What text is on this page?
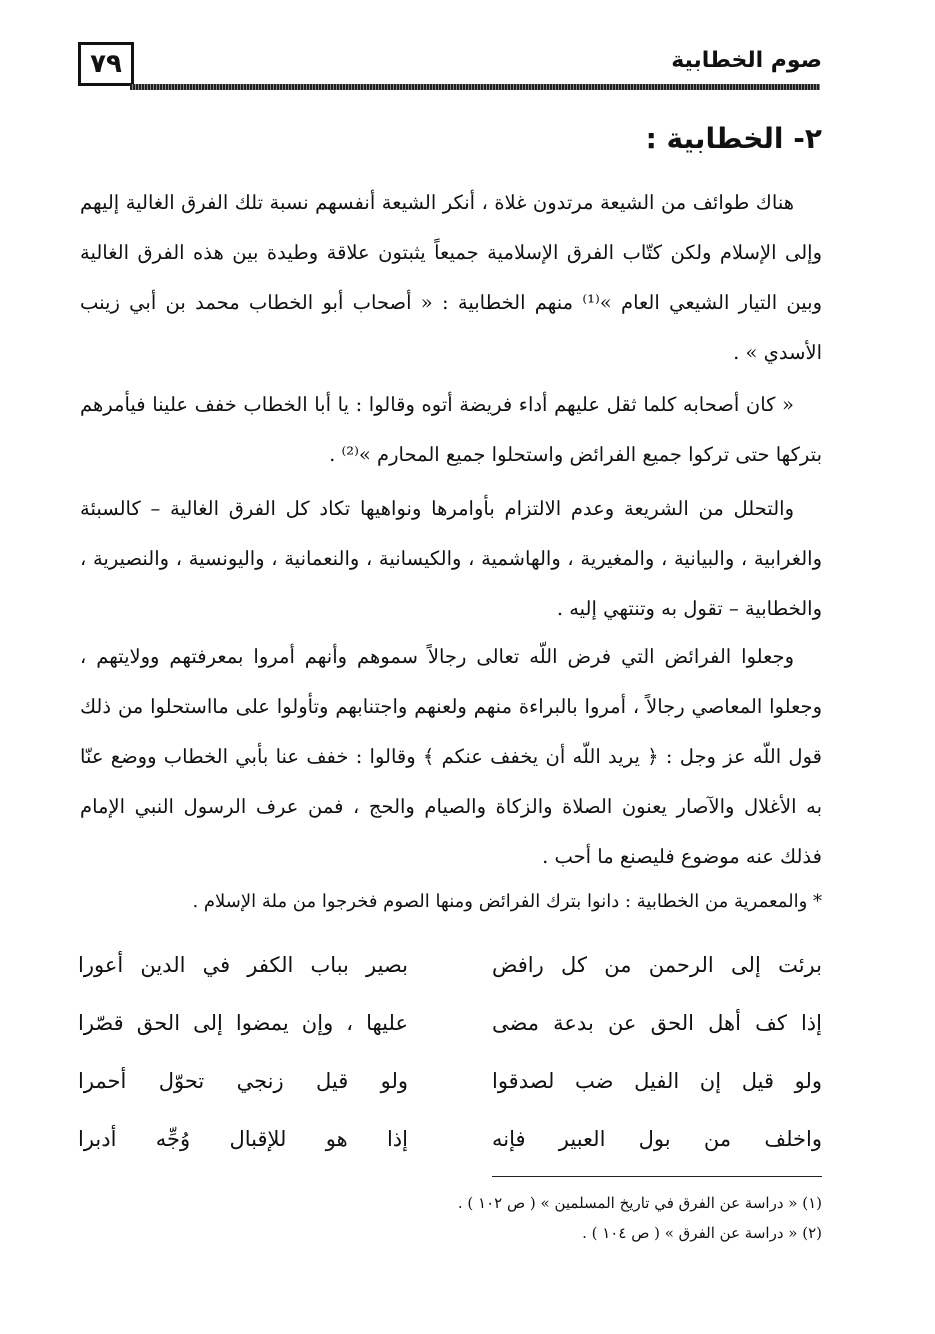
٧٩	صوم الخطابية
٢- الخطابية :

هناك طوائف من الشيعة مرتدون غلاة ، أنكر الشيعة أنفسهم نسبة تلك الفرق الغالية إليهم وإلى الإسلام ولكن كتّاب الفرق الإسلامية جميعاً يثبتون علاقة وطيدة بين هذه الفرق الغالية وبين التيار الشيعي العام »⁽¹⁾ منهم الخطابية : « أصحاب أبو الخطاب محمد بن أبي زينب الأسدي » .

« كان أصحابه كلما ثقل عليهم أداء فريضة أتوه وقالوا : يا أبا الخطاب خفف علينا فيأمرهم بتركها حتى تركوا جميع الفرائض واستحلوا جميع المحارم »⁽²⁾ .

والتحلل من الشريعة وعدم الالتزام بأوامرها ونواهيها تكاد كل الفرق الغالية – كالسبئة والغرابية ، والبيانية ، والمغيرية ، والهاشمية ، والكيسانية ، والنعمانية ، واليونسية ، والنصيرية ، والخطابية – تقول به وتنتهي إليه .

وجعلوا الفرائض التي فرض اللّه تعالى رجالاً سموهم وأنهم أمروا بمعرفتهم وولايتهم ، وجعلوا المعاصي رجالاً ، أمروا بالبراءة منهم ولعنهم واجتنابهم وتأولوا على مااستحلوا من ذلك قول اللّه عز وجل : ﴿ يريد اللّه أن يخفف عنكم ﴾ وقالوا : خفف عنا بأبي الخطاب ووضع عنّا به الأغلال والآصار يعنون الصلاة والزكاة والصيام والحج ، فمن عرف الرسول النبي الإمام فذلك عنه موضوع فليصنع ما أحب .

* والمعمرية من الخطابية : دانوا بترك الفرائض ومنها الصوم فخرجوا من ملة الإسلام .
برئت إلى الرحمن من كل رافض
بصير بباب الكفر في الدين أعورا
إذا كف أهل الحق عن بدعة مضى
عليها ، وإن يمضوا إلى الحق قصّرا
ولو قيل إن الفيل ضب لصدقوا
ولو قيل زنجي تحوّل أحمرا
واخلف من بول العبير فإنه
إذا هو للإقبال وُجِّه أدبرا
(١) « دراسة عن الفرق في تاريخ المسلمين » ( ص ١٠٢ ) .
(٢) « دراسة عن الفرق » ( ص ١٠٤ ) .
